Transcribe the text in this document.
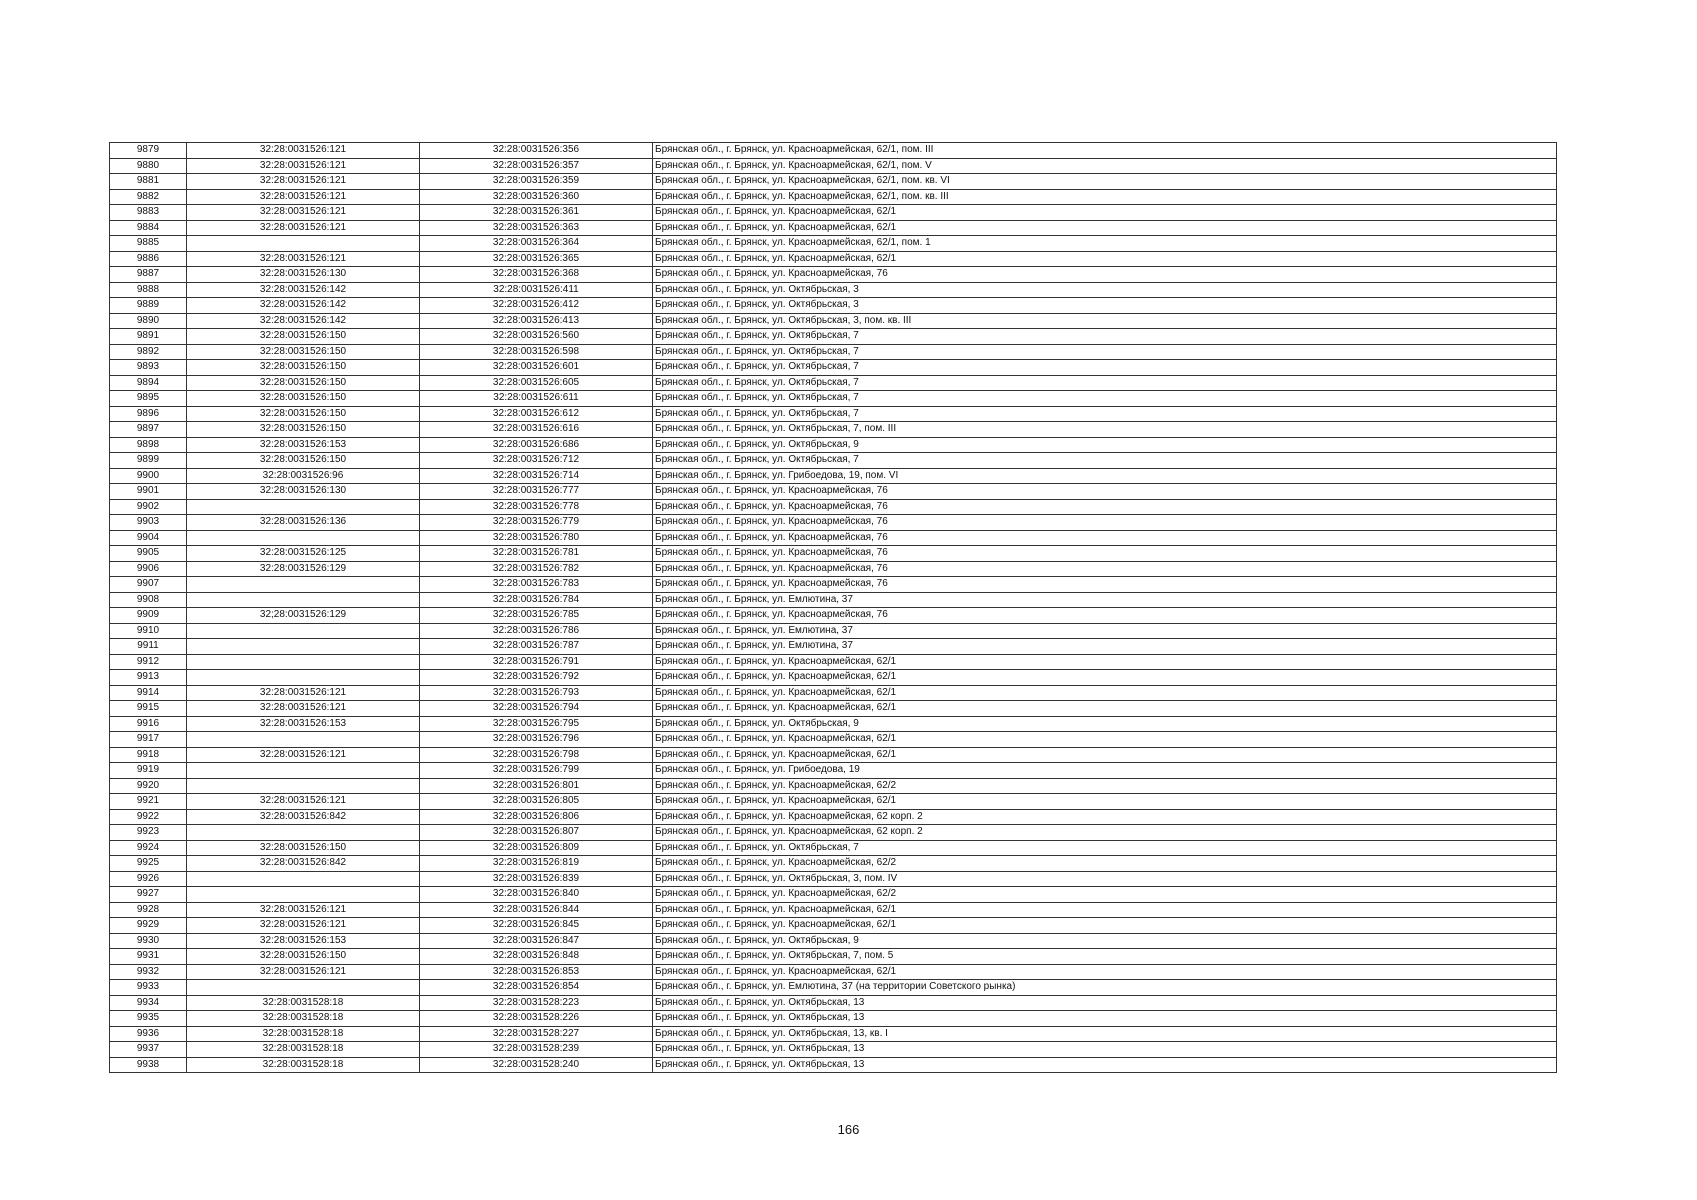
9879	32:28:0031526:121	32:28:0031526:356	Брянская обл., г. Брянск, ул. Красноармейская, 62/1, пом. III
9880	32:28:0031526:121	32:28:0031526:357	Брянская обл., г. Брянск, ул. Красноармейская, 62/1, пом. V
9881	32:28:0031526:121	32:28:0031526:359	Брянская обл., г. Брянск, ул. Красноармейская, 62/1, пом. кв. VI
9882	32:28:0031526:121	32:28:0031526:360	Брянская обл., г. Брянск, ул. Красноармейская, 62/1, пом. кв. III
9883	32:28:0031526:121	32:28:0031526:361	Брянская обл., г. Брянск, ул. Красноармейская, 62/1
9884	32:28:0031526:121	32:28:0031526:363	Брянская обл., г. Брянск, ул. Красноармейская, 62/1
9885		32:28:0031526:364	Брянская обл., г. Брянск, ул. Красноармейская, 62/1, пом. 1
9886	32:28:0031526:121	32:28:0031526:365	Брянская обл., г. Брянск, ул. Красноармейская, 62/1
9887	32:28:0031526:130	32:28:0031526:368	Брянская обл., г. Брянск, ул. Красноармейская, 76
9888	32:28:0031526:142	32:28:0031526:411	Брянская обл., г. Брянск, ул. Октябрьская, 3
9889	32:28:0031526:142	32:28:0031526:412	Брянская обл., г. Брянск, ул. Октябрьская, 3
9890	32:28:0031526:142	32:28:0031526:413	Брянская обл., г. Брянск, ул. Октябрьская, 3, пом. кв. III
9891	32:28:0031526:150	32:28:0031526:560	Брянская обл., г. Брянск, ул. Октябрьская, 7
9892	32:28:0031526:150	32:28:0031526:598	Брянская обл., г. Брянск, ул. Октябрьская, 7
9893	32:28:0031526:150	32:28:0031526:601	Брянская обл., г. Брянск, ул. Октябрьская, 7
9894	32:28:0031526:150	32:28:0031526:605	Брянская обл., г. Брянск, ул. Октябрьская, 7
9895	32:28:0031526:150	32:28:0031526:611	Брянская обл., г. Брянск, ул. Октябрьская, 7
9896	32:28:0031526:150	32:28:0031526:612	Брянская обл., г. Брянск, ул. Октябрьская, 7
9897	32:28:0031526:150	32:28:0031526:616	Брянская обл., г. Брянск, ул. Октябрьская, 7, пом. III
9898	32:28:0031526:153	32:28:0031526:686	Брянская обл., г. Брянск, ул. Октябрьская, 9
9899	32:28:0031526:150	32:28:0031526:712	Брянская обл., г. Брянск, ул. Октябрьская, 7
9900	32:28:0031526:96	32:28:0031526:714	Брянская обл., г. Брянск, ул. Грибоедова, 19, пом. VI
9901	32:28:0031526:130	32:28:0031526:777	Брянская обл., г. Брянск, ул. Красноармейская, 76
9902		32:28:0031526:778	Брянская обл., г. Брянск, ул. Красноармейская, 76
9903	32:28:0031526:136	32:28:0031526:779	Брянская обл., г. Брянск, ул. Красноармейская, 76
9904		32:28:0031526:780	Брянская обл., г. Брянск, ул. Красноармейская, 76
9905	32:28:0031526:125	32:28:0031526:781	Брянская обл., г. Брянск, ул. Красноармейская, 76
9906	32:28:0031526:129	32:28:0031526:782	Брянская обл., г. Брянск, ул. Красноармейская, 76
9907		32:28:0031526:783	Брянская обл., г. Брянск, ул. Красноармейская, 76
9908		32:28:0031526:784	Брянская обл., г. Брянск, ул. Емлютина, 37
9909	32;28:0031526:129	32:28:0031526:785	Брянская обл., г. Брянск, ул. Красноармейская, 76
9910		32:28:0031526:786	Брянская обл., г. Брянск, ул. Емлютина, 37
9911		32:28:0031526:787	Брянская обл., г. Брянск, ул. Емлютина, 37
9912		32:28:0031526:791	Брянская обл., г. Брянск, ул. Красноармейская, 62/1
9913		32:28:0031526:792	Брянская обл., г. Брянск, ул. Красноармейская, 62/1
9914	32:28:0031526:121	32:28:0031526:793	Брянская обл., г. Брянск, ул. Красноармейская, 62/1
9915	32:28:0031526:121	32:28:0031526:794	Брянская обл., г. Брянск, ул. Красноармейская, 62/1
9916	32:28:0031526:153	32:28:0031526:795	Брянская обл., г. Брянск, ул. Октябрьская, 9
9917		32:28:0031526:796	Брянская обл., г. Брянск, ул. Красноармейская, 62/1
9918	32:28:0031526:121	32:28:0031526:798	Брянская обл., г. Брянск, ул. Красноармейская, 62/1
9919		32:28:0031526:799	Брянская обл., г. Брянск, ул. Грибоедова, 19
9920		32:28:0031526:801	Брянская обл., г. Брянск, ул. Красноармейская, 62/2
9921	32:28:0031526:121	32:28:0031526:805	Брянская обл., г. Брянск, ул. Красноармейская, 62/1
9922	32:28:0031526:842	32:28:0031526:806	Брянская обл., г. Брянск, ул. Красноармейская, 62 корп. 2
9923		32:28:0031526:807	Брянская обл., г. Брянск, ул. Красноармейская, 62 корп. 2
9924	32:28:0031526:150	32:28:0031526:809	Брянская обл., г. Брянск, ул. Октябрьская, 7
9925	32:28:0031526:842	32:28:0031526:819	Брянская обл., г. Брянск, ул. Красноармейская, 62/2
9926		32:28:0031526:839	Брянская обл., г. Брянск, ул. Октябрьская, 3, пом. IV
9927		32:28:0031526:840	Брянская обл., г. Брянск, ул. Красноармейская, 62/2
9928	32:28:0031526:121	32:28:0031526:844	Брянская обл., г. Брянск, ул. Красноармейская, 62/1
9929	32:28:0031526:121	32:28:0031526:845	Брянская обл., г. Брянск, ул. Красноармейская, 62/1
9930	32:28:0031526:153	32:28:0031526:847	Брянская обл., г. Брянск, ул. Октябрьская, 9
9931	32:28:0031526:150	32:28:0031526:848	Брянская обл., г. Брянск, ул. Октябрьская, 7, пом. 5
9932	32:28:0031526:121	32:28:0031526:853	Брянская обл., г. Брянск, ул. Красноармейская, 62/1
9933		32:28:0031526:854	Брянская обл., г. Брянск, ул. Емлютина, 37 (на территории Советского рынка)
9934	32:28:0031528:18	32:28:0031528:223	Брянская обл., г. Брянск, ул. Октябрьская, 13
9935	32:28:0031528:18	32:28:0031528:226	Брянская обл., г. Брянск, ул. Октябрьская, 13
9936	32:28:0031528:18	32:28:0031528:227	Брянская обл., г. Брянск, ул. Октябрьская, 13, кв. I
9937	32:28:0031528:18	32:28:0031528:239	Брянская обл., г. Брянск, ул. Октябрьская, 13
9938	32:28:0031528:18	32:28:0031528:240	Брянская обл., г. Брянск, ул. Октябрьская, 13
166
